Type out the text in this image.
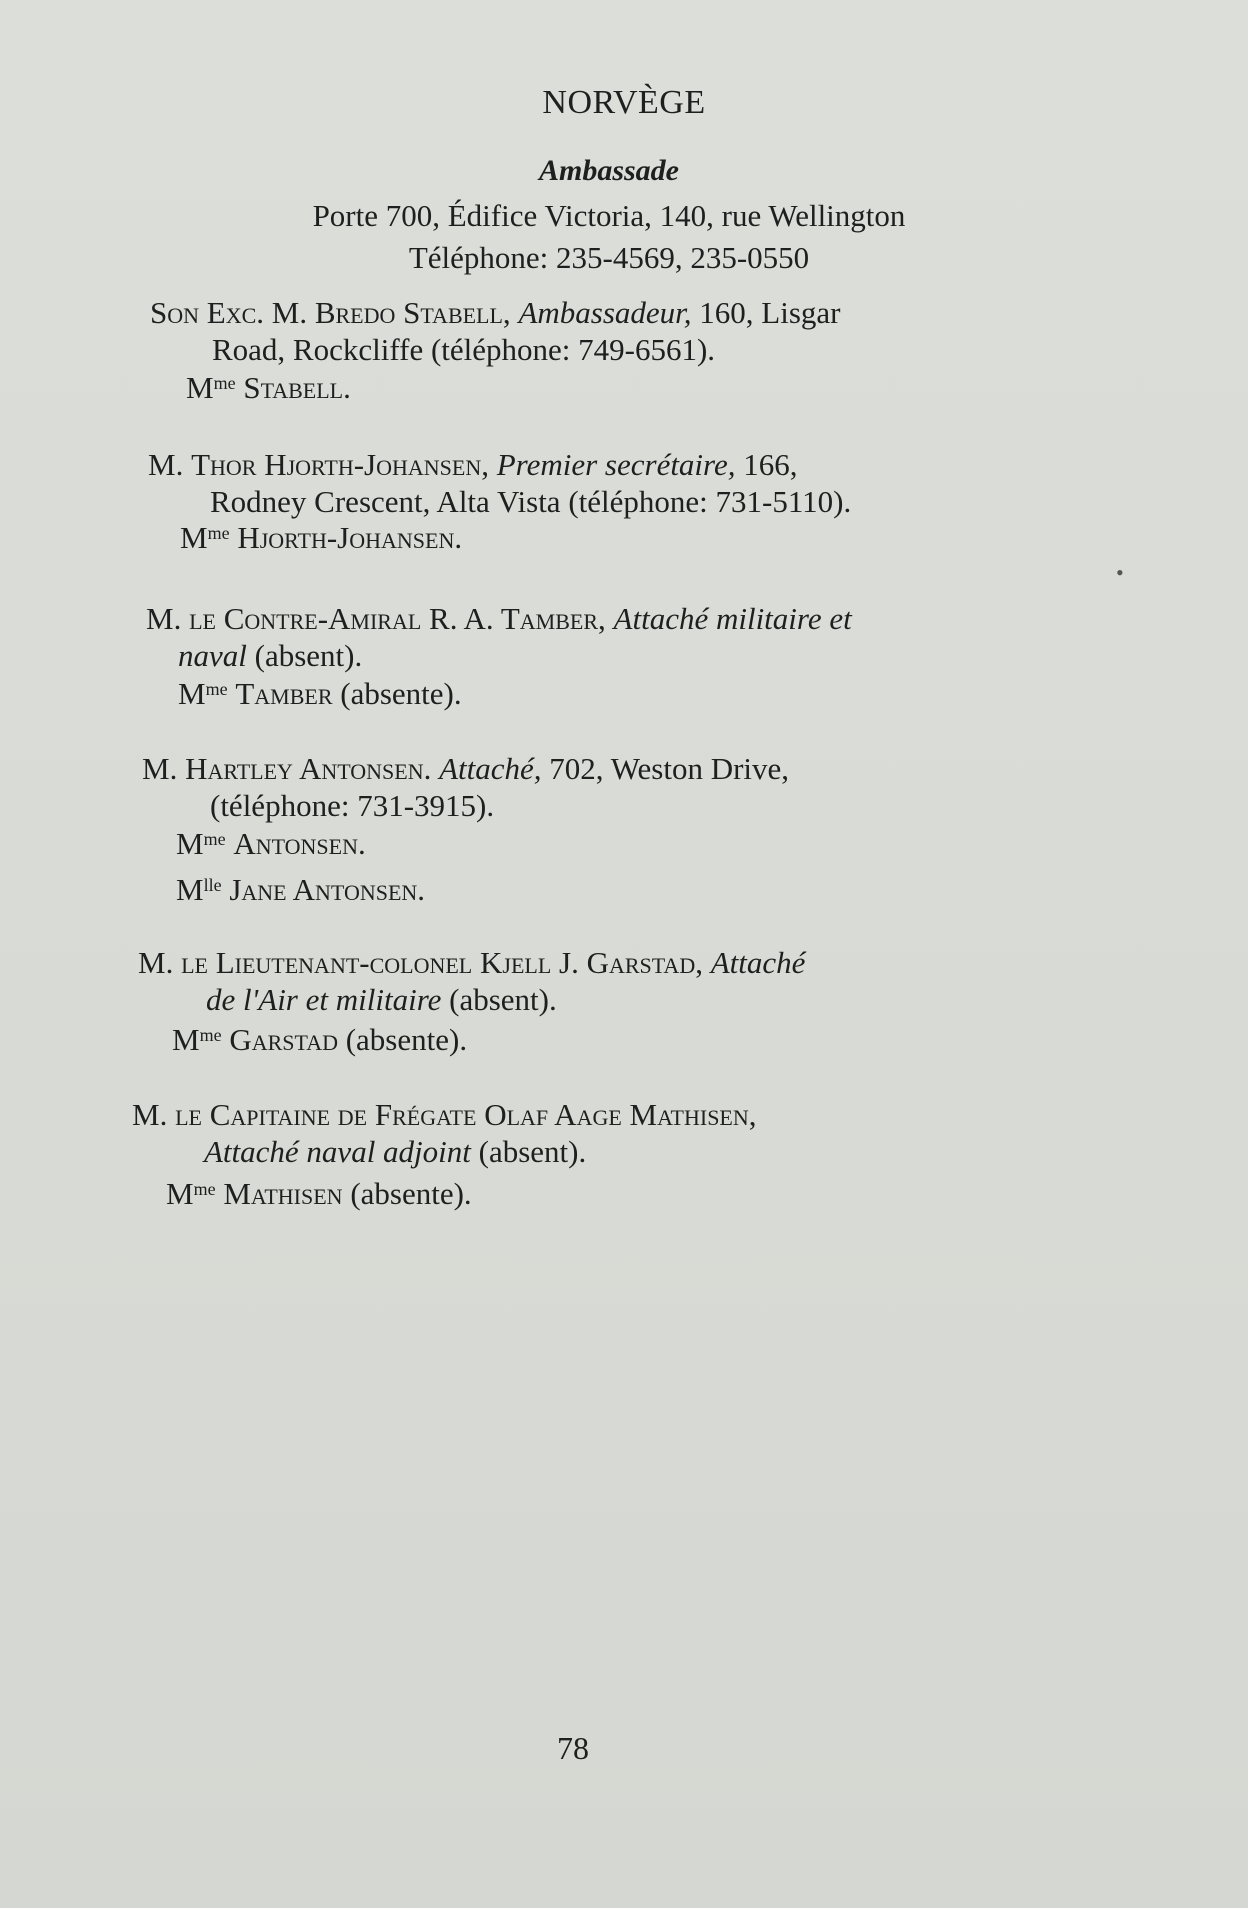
NORVÈGE
Ambassade
Porte 700, Édifice Victoria, 140, rue Wellington
Téléphone: 235-4569, 235-0550
Son Exc. M. Bredo Stabell, Ambassadeur, 160, Lisgar
Road, Rockcliffe (téléphone: 749-6561).
$M^{me}$ Stabell.
M. Thor Hjorth-Johansen, Premier secrétaire, 166,
Rodney Crescent, Alta Vista (téléphone: 731-5110).
$M^{me}$ Hjorth-Johansen.
M. le Contre-Amiral R. A. Tamber, Attaché militaire et
naval (absent).
$M^{me}$ Tamber (absente).
M. Hartley Antonsen. Attaché, 702, Weston Drive,
(téléphone: 731-3915).
$M^{me}$ Antonsen.
$M^{lle}$ Jane Antonsen.
M. le Lieutenant-colonel Kjell J. Garstad, Attaché
de l'Air et militaire (absent).
$M^{me}$ Garstad (absente).
M. le Capitaine de Frégate Olaf Aage Mathisen,
Attaché naval adjoint (absent).
$M^{me}$ Mathisen (absente).
78
•
